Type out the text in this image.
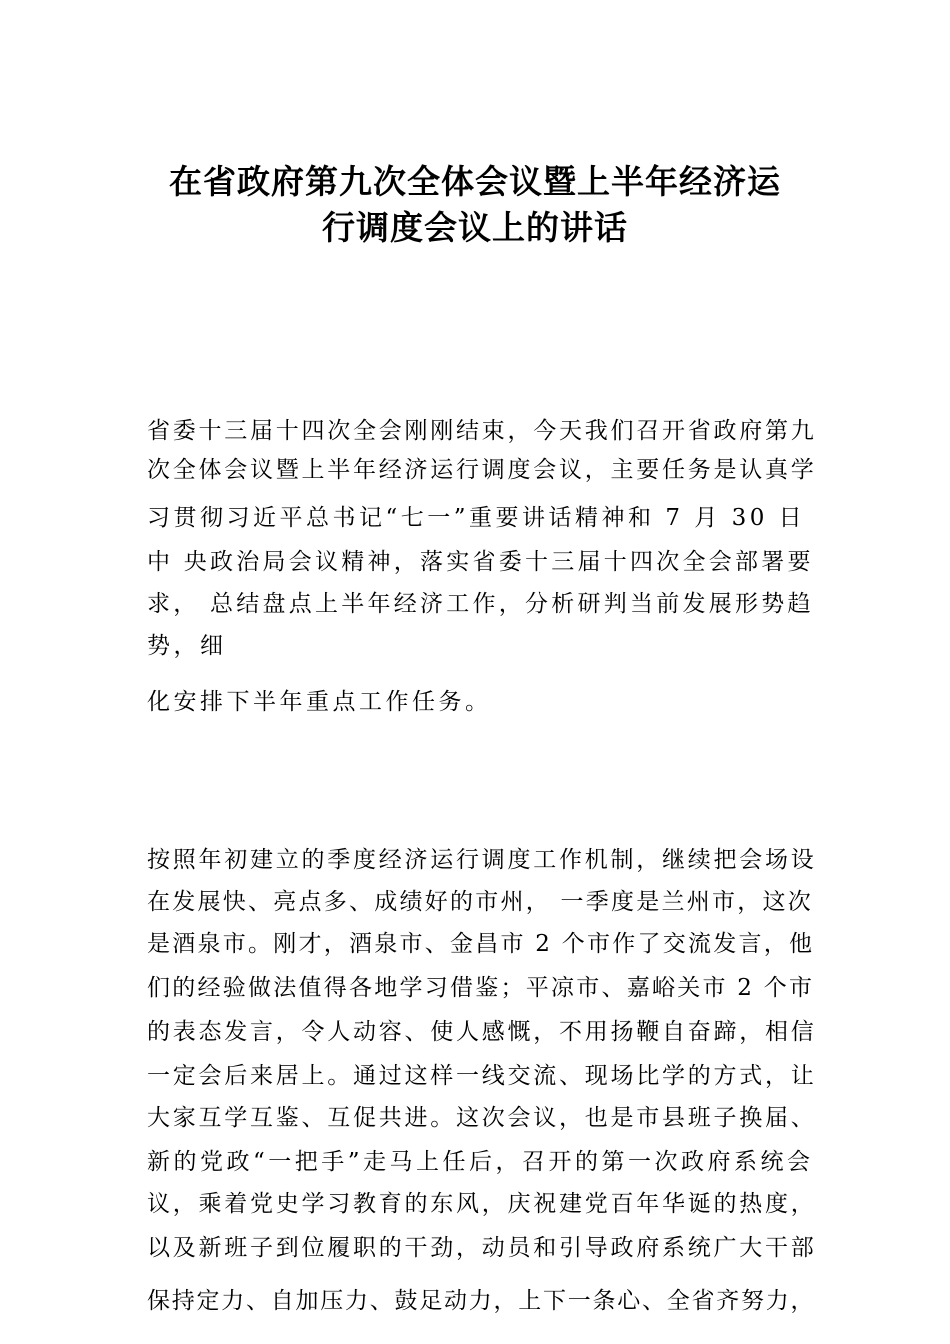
在省政府第九次全体会议暨上半年经济运
行调度会议上的讲话
省委十三届十四次全会刚刚结束，今天我们召开省政府第九
次全体会议暨上半年经济运行调度会议，主要任务是认真学
习贯彻习近平总书记“七一”重要讲话精神和 7 月 30 日
中 央政治局会议精神，落实省委十三届十四次全会部署要
求， 总结盘点上半年经济工作，分析研判当前发展形势趋
势，细
化安排下半年重点工作任务。
按照年初建立的季度经济运行调度工作机制，继续把会场设
在发展快、亮点多、成绩好的市州， 一季度是兰州市，这次
是酒泉市。刚才，酒泉市、金昌市 2 个市作了交流发言，他
们的经验做法值得各地学习借鉴；平凉市、嘉峪关市 2 个市
的表态发言，令人动容、使人感慨，不用扬鞭自奋蹄，相信
一定会后来居上。通过这样一线交流、现场比学的方式，让
大家互学互鉴、互促共进。这次会议，也是市县班子换届、
新的党政“一把手”走马上任后，召开的第一次政府系统会
议，乘着党史学习教育的东风，庆祝建党百年华诞的热度，
以及新班子到位履职的干劲，动员和引导政府系统广大干部
保持定力、自加压力、鼓足动力，上下一条心、全省齐努力，
